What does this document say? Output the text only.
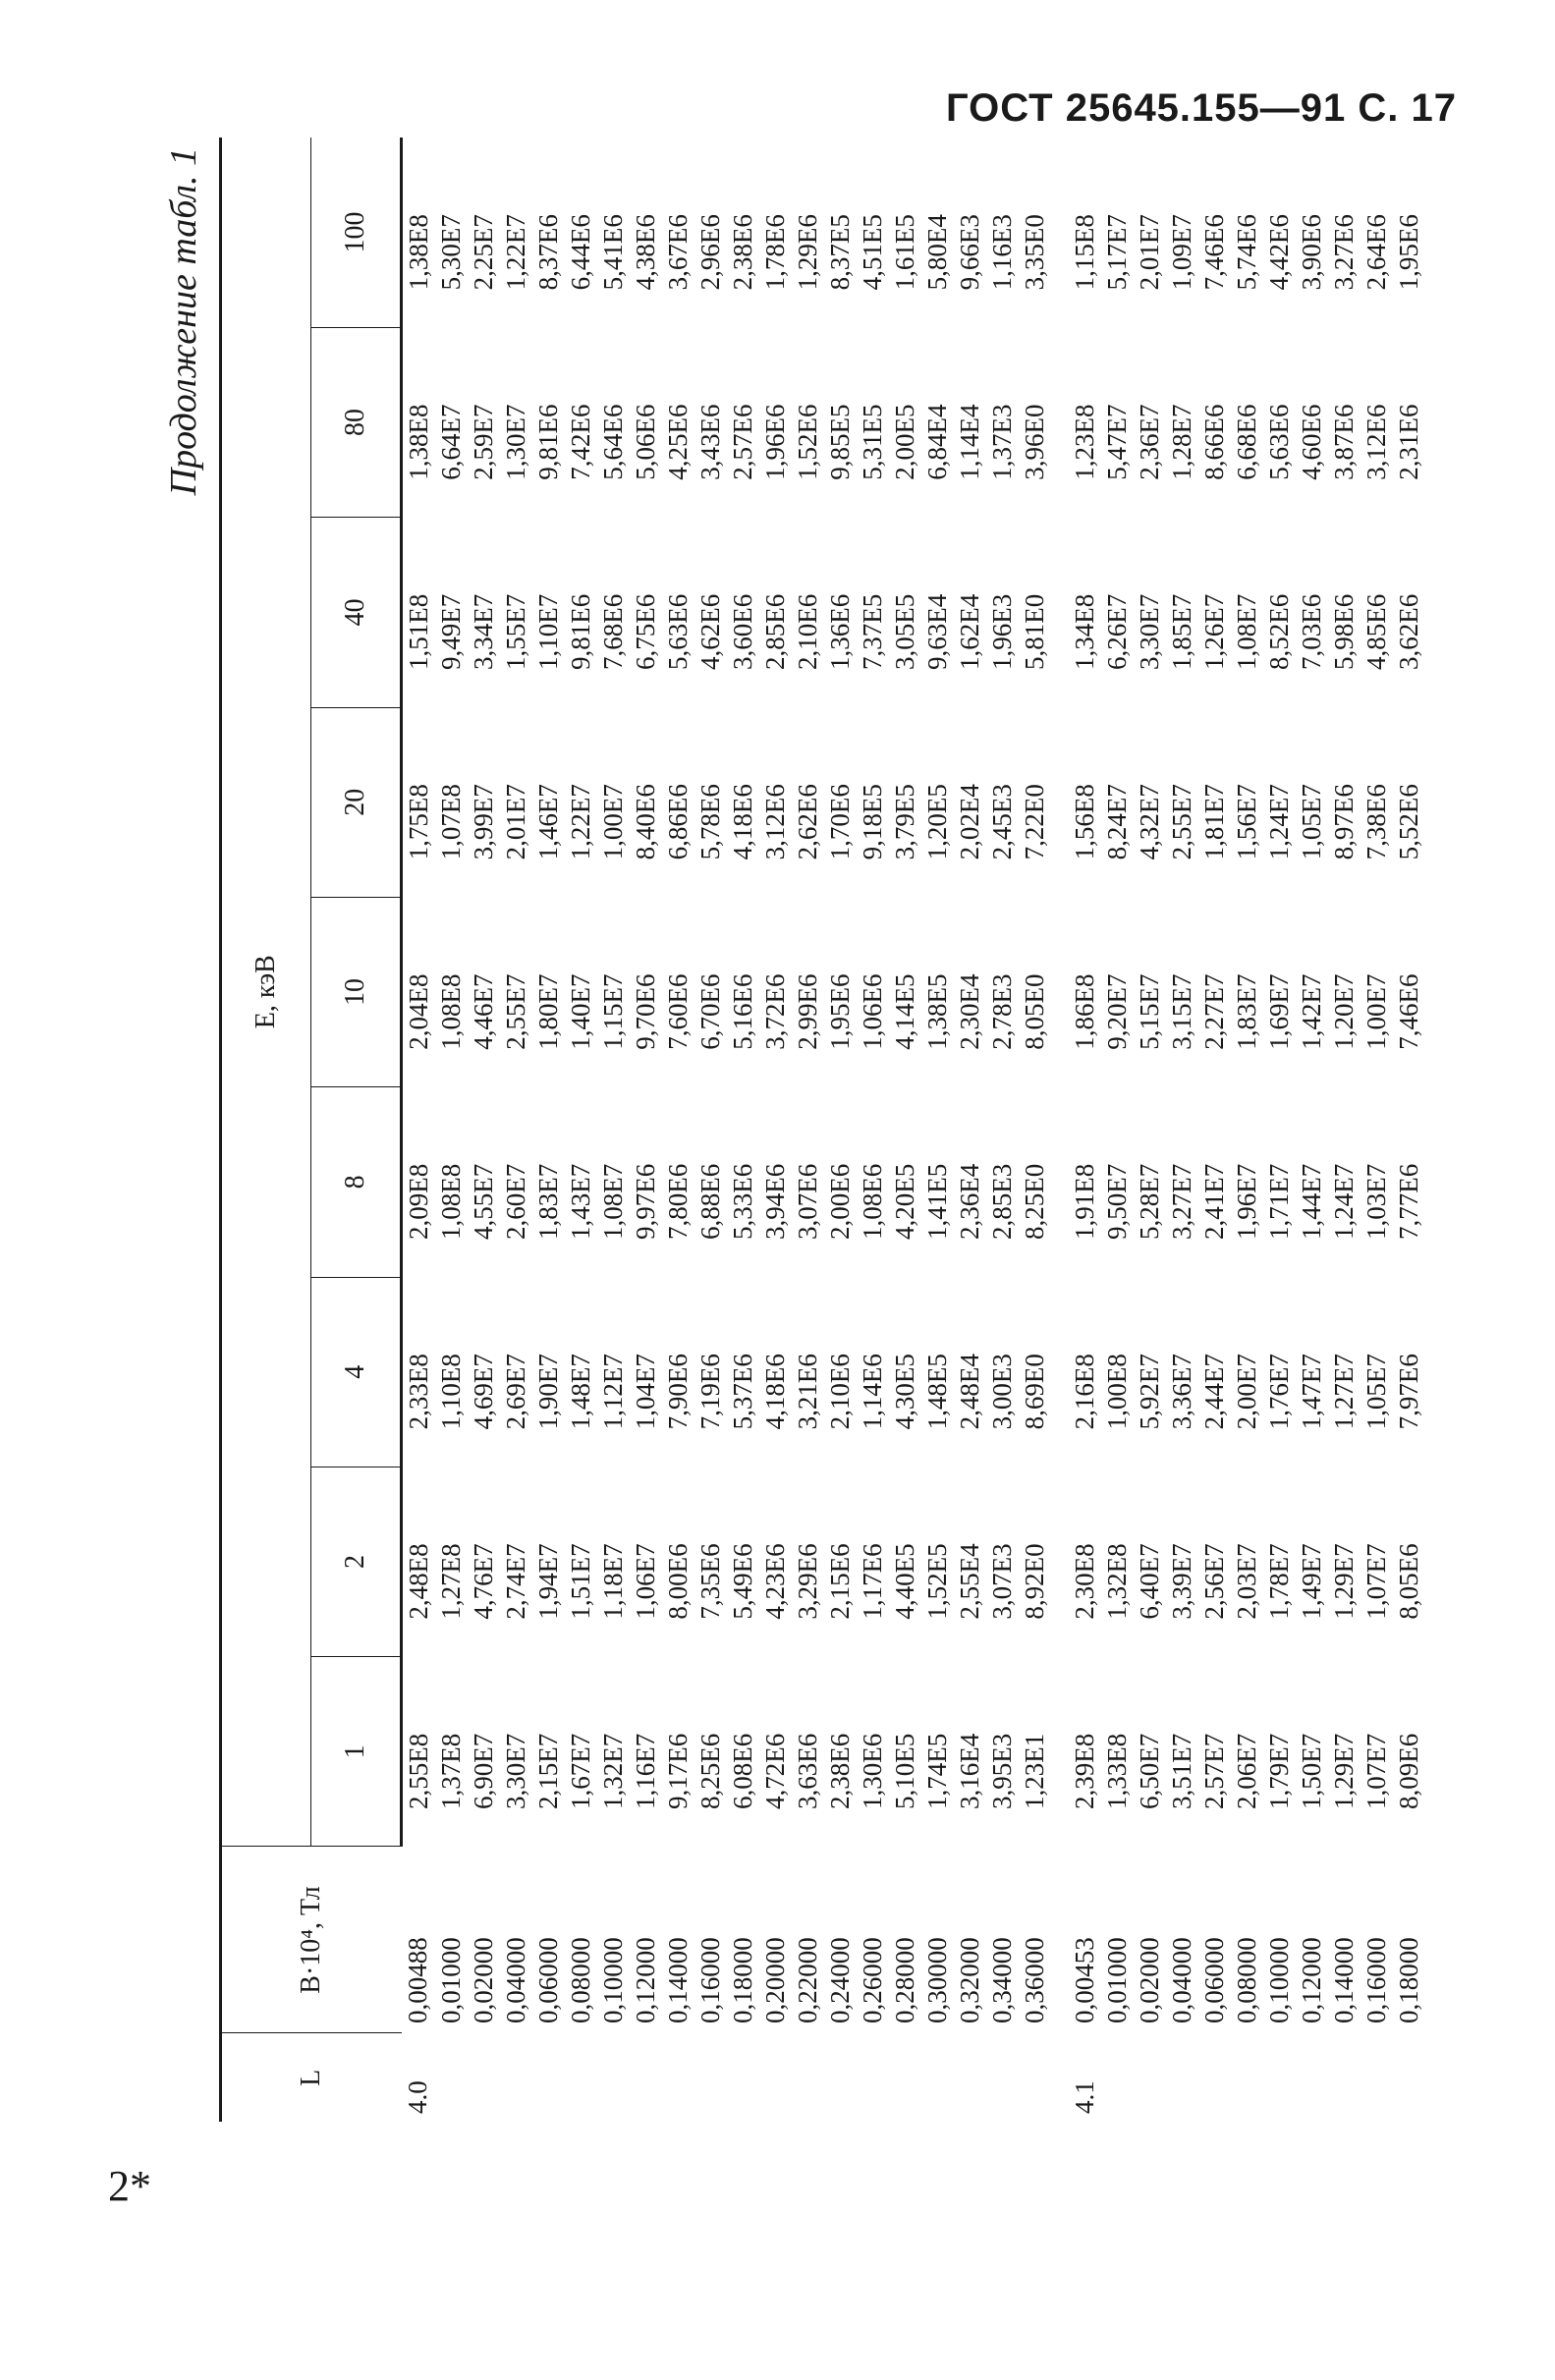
ГОСТ 25645.155—91 С. 17
Продолжение табл. 1
L	B·10⁴, Тл	E, кэВ								
		1	2	4	8	10	20	40	80	100
4.0	0,00488	2,55E8	2,48E8	2,33E8	2,09E8	2,04E8	1,75E8	1,51E8	1,38E8	1,38E8
	0,01000	1,37E8	1,27E8	1,10E8	1,08E8	1,08E8	1,07E8	9,49E7	6,64E7	5,30E7
	0,02000	6,90E7	4,76E7	4,69E7	4,55E7	4,46E7	3,99E7	3,34E7	2,59E7	2,25E7
	0,04000	3,30E7	2,74E7	2,69E7	2,60E7	2,55E7	2,01E7	1,55E7	1,30E7	1,22E7
	0,06000	2,15E7	1,94E7	1,90E7	1,83E7	1,80E7	1,46E7	1,10E7	9,81E6	8,37E6
	0,08000	1,67E7	1,51E7	1,48E7	1,43E7	1,40E7	1,22E7	9,81E6	7,42E6	6,44E6
	0,10000	1,32E7	1,18E7	1,12E7	1,08E7	1,15E7	1,00E7	7,68E6	5,64E6	5,41E6
	0,12000	1,16E7	1,06E7	1,04E7	9,97E6	9,70E6	8,40E6	6,75E6	5,06E6	4,38E6
	0,14000	9,17E6	8,00E6	7,90E6	7,80E6	7,60E6	6,86E6	5,63E6	4,25E6	3,67E6
	0,16000	8,25E6	7,35E6	7,19E6	6,88E6	6,70E6	5,78E6	4,62E6	3,43E6	2,96E6
	0,18000	6,08E6	5,49E6	5,37E6	5,33E6	5,16E6	4,18E6	3,60E6	2,57E6	2,38E6
	0,20000	4,72E6	4,23E6	4,18E6	3,94E6	3,72E6	3,12E6	2,85E6	1,96E6	1,78E6
	0,22000	3,63E6	3,29E6	3,21E6	3,07E6	2,99E6	2,62E6	2,10E6	1,52E6	1,29E6
	0,24000	2,38E6	2,15E6	2,10E6	2,00E6	1,95E6	1,70E6	1,36E6	9,85E5	8,37E5
	0,26000	1,30E6	1,17E6	1,14E6	1,08E6	1,06E6	9,18E5	7,37E5	5,31E5	4,51E5
	0,28000	5,10E5	4,40E5	4,30E5	4,20E5	4,14E5	3,79E5	3,05E5	2,00E5	1,61E5
	0,30000	1,74E5	1,52E5	1,48E5	1,41E5	1,38E5	1,20E5	9,63E4	6,84E4	5,80E4
	0,32000	3,16E4	2,55E4	2,48E4	2,36E4	2,30E4	2,02E4	1,62E4	1,14E4	9,66E3
	0,34000	3,95E3	3,07E3	3,00E3	2,85E3	2,78E3	2,45E3	1,96E3	1,37E3	1,16E3
	0,36000	1,23E1	8,92E0	8,69E0	8,25E0	8,05E0	7,22E0	5,81E0	3,96E0	3,35E0
4.1	0,00453	2,39E8	2,30E8	2,16E8	1,91E8	1,86E8	1,56E8	1,34E8	1,23E8	1,15E8
	0,01000	1,33E8	1,32E8	1,00E8	9,50E7	9,20E7	8,24E7	6,26E7	5,47E7	5,17E7
	0,02000	6,50E7	6,40E7	5,92E7	5,28E7	5,15E7	4,32E7	3,30E7	2,36E7	2,01E7
	0,04000	3,51E7	3,39E7	3,36E7	3,27E7	3,15E7	2,55E7	1,85E7	1,28E7	1,09E7
	0,06000	2,57E7	2,56E7	2,44E7	2,41E7	2,27E7	1,81E7	1,26E7	8,66E6	7,46E6
	0,08000	2,06E7	2,03E7	2,00E7	1,96E7	1,83E7	1,56E7	1,08E7	6,68E6	5,74E6
	0,10000	1,79E7	1,78E7	1,76E7	1,71E7	1,69E7	1,24E7	8,52E6	5,63E6	4,42E6
	0,12000	1,50E7	1,49E7	1,47E7	1,44E7	1,42E7	1,05E7	7,03E6	4,60E6	3,90E6
	0,14000	1,29E7	1,29E7	1,27E7	1,24E7	1,20E7	8,97E6	5,98E6	3,87E6	3,27E6
	0,16000	1,07E7	1,07E7	1,05E7	1,03E7	1,00E7	7,38E6	4,85E6	3,12E6	2,64E6
	0,18000	8,09E6	8,05E6	7,97E6	7,77E6	7,46E6	5,52E6	3,62E6	2,31E6	1,95E6
2*
